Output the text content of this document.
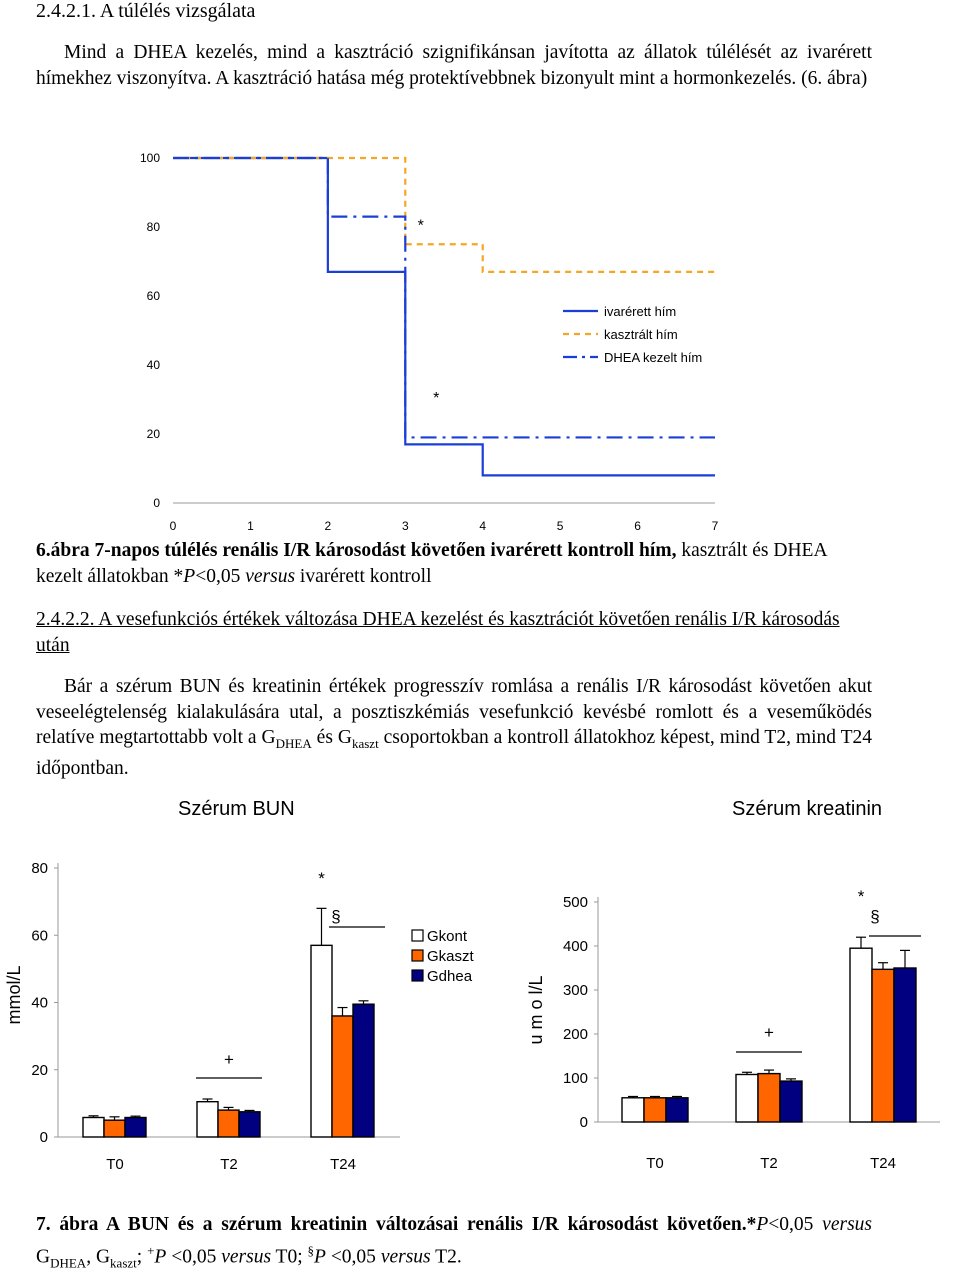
2.4.2.1. A túlélés vizsgálata
Mind a DHEA kezelés, mind a kasztráció szignifikánsan javította az állatok túlélését az ivarérett hímekhez viszonyítva. A kasztráció hatása még protektívebbnek bizonyult mint a hormonkezelés. (6. ábra)
0
20
40
60
80
100
0	1	2	3	4	5	6	7
*
*
ivarérett hím
kasztrált hím
DHEA kezelt hím
6.ábra 7-napos túlélés renális I/R károsodást követően ivarérett kontroll hím, kasztrált és DHEA kezelt állatokban *P<0,05 versus ivarérett kontroll
2.4.2.2. A vesefunkciós értékek változása DHEA kezelést és kasztrációt követően renális I/R károsodás után
Bár a szérum BUN és kreatinin értékek progresszív romlása a renális I/R károsodást követően akut veseelégtelenség kialakulására utal, a posztiszkémiás vesefunkció kevésbé romlott és a veseműködés relatíve megtartottabb volt a $G_{DHEA}$ és $G_{kaszt}$ csoportokban a kontroll állatokhoz képest, mind T2, mind T24 időpontban.
Szérum BUN	Szérum kreatinin
0
20
40
60
80
T0	T2	T24
+
*
§
mmol/L
Gkont
Gkaszt
Gdhea
0
100
200
300
400
500
T0	T2	T24
+
*
§
u m o l/L
7. ábra A BUN és a szérum kreatinin változásai renális I/R károsodást követően.*P<0,05 versus $G_{DHEA}$, $G_{kaszt}$; +P <0,05 versus T0; §P <0,05 versus T2.
